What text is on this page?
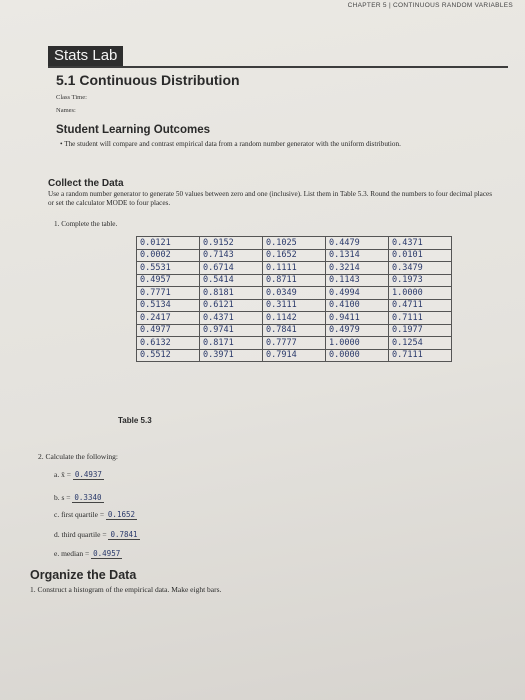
CHAPTER 5 | CONTINUOUS RANDOM VARIABLES
Stats Lab
5.1 Continuous Distribution
Class Time:
Names:
Student Learning Outcomes
• The student will compare and contrast empirical data from a random number generator with the uniform distribution.
Collect the Data
Use a random number generator to generate 50 values between zero and one (inclusive). List them in Table 5.3. Round the numbers to four decimal places or set the calculator MODE to four places.
1. Complete the table.
0.0121	0.9152	0.1025	0.4479	0.4371
0.0002	0.7143	0.1652	0.1314	0.0101
0.5531	0.6714	0.1111	0.3214	0.3479
0.4957	0.5414	0.8711	0.1143	0.1973
0.7771	0.8181	0.0349	0.4994	1.0000
0.5134	0.6121	0.3111	0.4100	0.4711
0.2417	0.4371	0.1142	0.9411	0.7111
0.4977	0.9741	0.7841	0.4979	0.1977
0.6132	0.8171	0.7777	1.0000	0.1254
0.5512	0.3971	0.7914	0.0000	0.7111
Table 5.3
2. Calculate the following:
a. x̄ = 0.4937
b. s = 0.3340
c. first quartile = 0.1652
d. third quartile = 0.7841
e. median = 0.4957
Organize the Data
1. Construct a histogram of the empirical data. Make eight bars.
